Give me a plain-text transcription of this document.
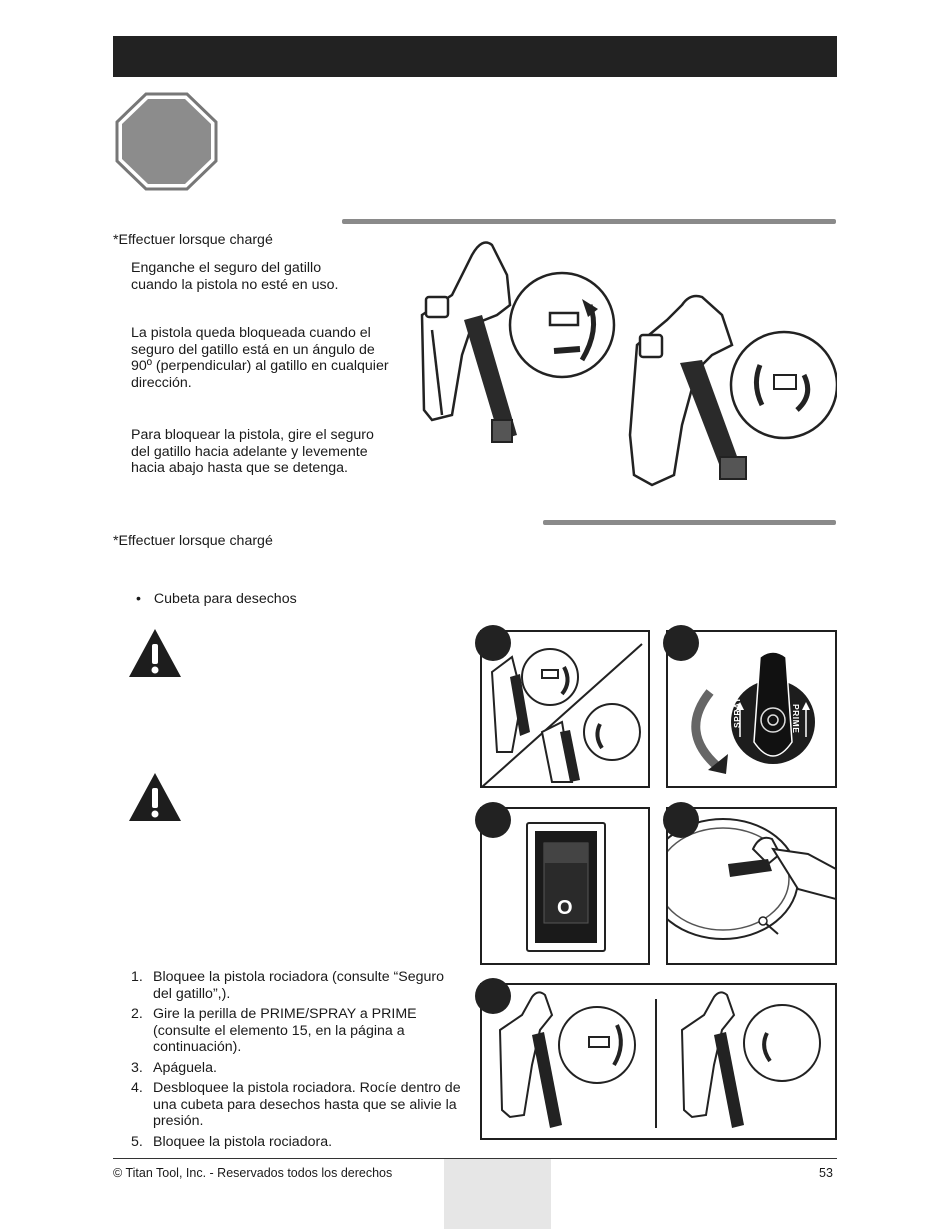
*Effectuer lorsque chargé
Enganche el seguro del gatillo cuando la pistola no esté en uso.
La pistola queda bloqueada cuando el seguro del gatillo está en un ángulo de 90º (perpendicular) al gatillo en cualquier dirección.
Para bloquear la pistola, gire el seguro del gatillo hacia adelante y levemente hacia abajo hasta que se detenga.
*Effectuer lorsque chargé
• Cubeta para desechos
SPRAY	PRIME
O
1. Bloquee la pistola rociadora (consulte “Seguro del gatillo”,).
2. Gire la perilla de PRIME/SPRAY a PRIME (consulte el elemento 15, en la página a continuación).
3. Apáguela.
4. Desbloquee la pistola rociadora. Rocíe dentro de una cubeta para desechos hasta que se alivie la presión.
5. Bloquee la pistola rociadora.
© Titan Tool, Inc. - Reservados todos los derechos	53
